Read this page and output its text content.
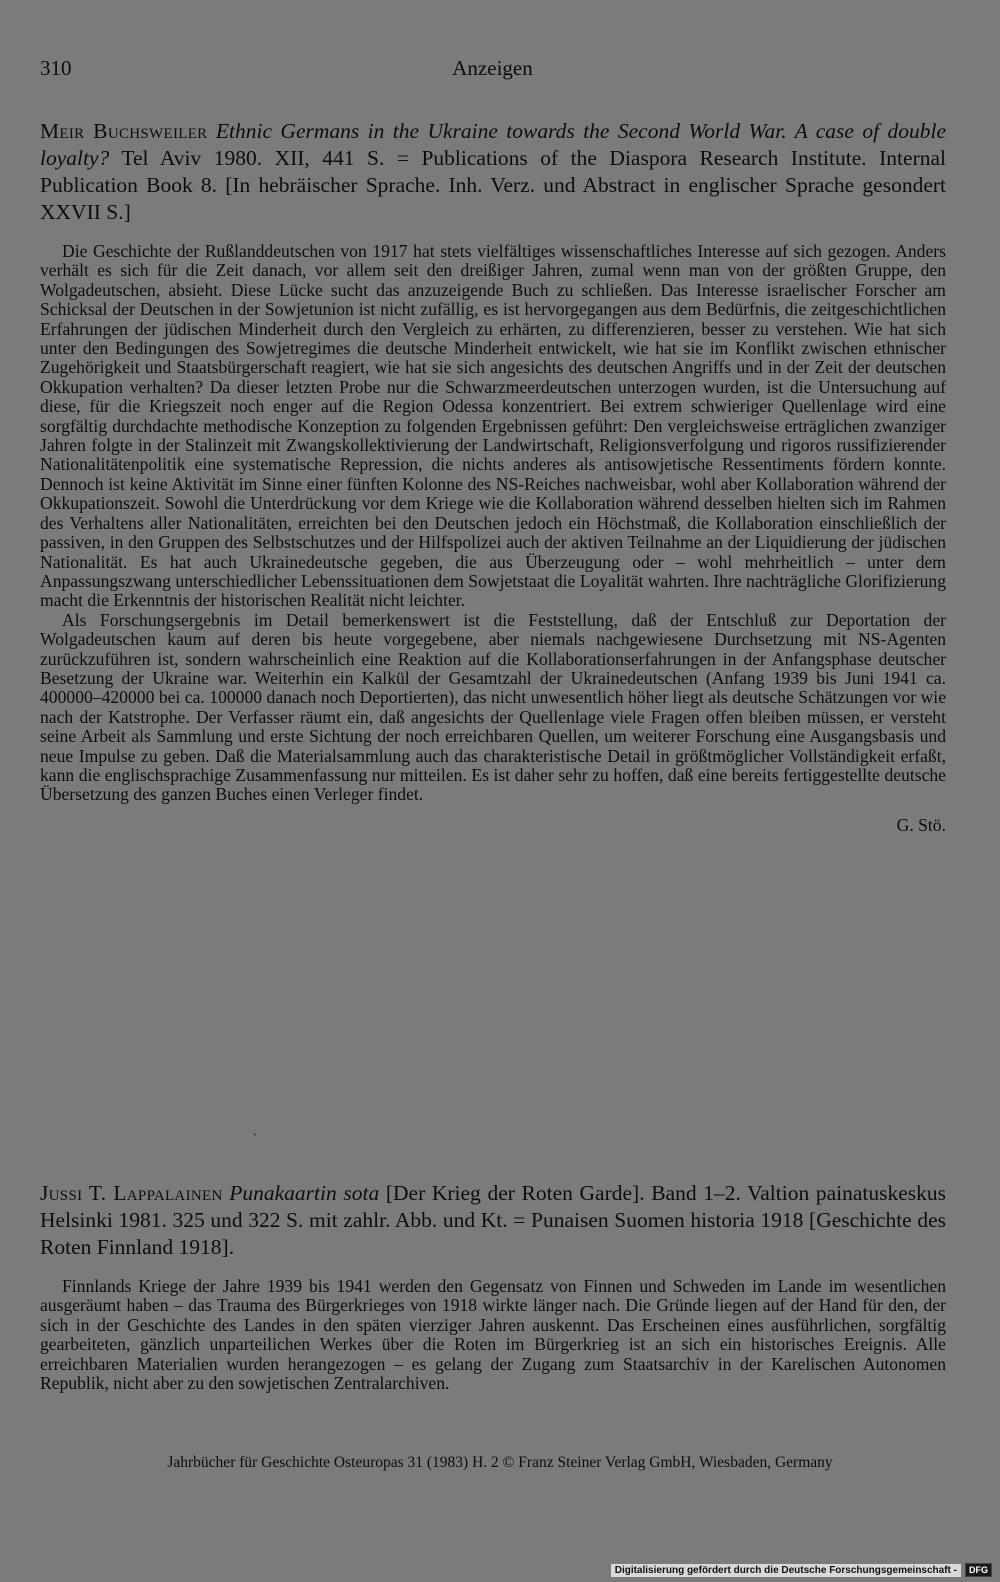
310	Anzeigen

Meir Buchsweiler Ethnic Germans in the Ukraine towards the Second World War. A case of double loyalty? Tel Aviv 1980. XII, 441 S. = Publications of the Diaspora Research Institute. Internal Publication Book 8. [In hebräischer Sprache. Inh. Verz. und Abstract in englischer Sprache gesondert XXVII S.]

Die Geschichte der Rußlanddeutschen von 1917 hat stets vielfältiges wissenschaftliches Interesse auf sich gezogen. Anders verhält es sich für die Zeit danach, vor allem seit den dreißiger Jahren, zumal wenn man von der größten Gruppe, den Wolgadeutschen, absieht. Diese Lücke sucht das anzuzeigende Buch zu schließen. Das Interesse israelischer Forscher am Schicksal der Deutschen in der Sowjetunion ist nicht zufällig, es ist hervorgegangen aus dem Bedürfnis, die zeitgeschichtlichen Erfahrungen der jüdischen Minderheit durch den Vergleich zu erhärten, zu differenzieren, besser zu verstehen. Wie hat sich unter den Bedingungen des Sowjetregimes die deutsche Minderheit entwickelt, wie hat sie im Konflikt zwischen ethnischer Zugehörigkeit und Staatsbürgerschaft reagiert, wie hat sie sich angesichts des deutschen Angriffs und in der Zeit der deutschen Okkupation verhalten? Da dieser letzten Probe nur die Schwarzmeerdeutschen unterzogen wurden, ist die Untersuchung auf diese, für die Kriegszeit noch enger auf die Region Odessa konzentriert. Bei extrem schwieriger Quellenlage wird eine sorgfältig durchdachte methodische Konzeption zu folgenden Ergebnissen geführt: Den vergleichsweise erträglichen zwanziger Jahren folgte in der Stalinzeit mit Zwangskollektivierung der Landwirtschaft, Religionsverfolgung und rigoros russifizierender Nationalitätenpolitik eine systematische Repression, die nichts anderes als antisowjetische Ressentiments fördern konnte. Dennoch ist keine Aktivität im Sinne einer fünften Kolonne des NS-Reiches nachweisbar, wohl aber Kollaboration während der Okkupationszeit. Sowohl die Unterdrückung vor dem Kriege wie die Kollaboration während desselben hielten sich im Rahmen des Verhaltens aller Nationalitäten, erreichten bei den Deutschen jedoch ein Höchstmaß, die Kollaboration einschließlich der passiven, in den Gruppen des Selbstschutzes und der Hilfspolizei auch der aktiven Teilnahme an der Liquidierung der jüdischen Nationalität. Es hat auch Ukrainedeutsche gegeben, die aus Überzeugung oder – wohl mehrheitlich – unter dem Anpassungszwang unterschiedlicher Lebenssituationen dem Sowjetstaat die Loyalität wahrten. Ihre nachträgliche Glorifizierung macht die Erkenntnis der historischen Realität nicht leichter.

Als Forschungsergebnis im Detail bemerkenswert ist die Feststellung, daß der Entschluß zur Deportation der Wolgadeutschen kaum auf deren bis heute vorgegebene, aber niemals nachgewiesene Durchsetzung mit NS-Agenten zurückzuführen ist, sondern wahrscheinlich eine Reaktion auf die Kollaborationserfahrungen in der Anfangsphase deutscher Besetzung der Ukraine war. Weiterhin ein Kalkül der Gesamtzahl der Ukrainedeutschen (Anfang 1939 bis Juni 1941 ca. 400000–420000 bei ca. 100000 danach noch Deportierten), das nicht unwesentlich höher liegt als deutsche Schätzungen vor wie nach der Katstrophe. Der Verfasser räumt ein, daß angesichts der Quellenlage viele Fragen offen bleiben müssen, er versteht seine Arbeit als Sammlung und erste Sichtung der noch erreichbaren Quellen, um weiterer Forschung eine Ausgangsbasis und neue Impulse zu geben. Daß die Materialsammlung auch das charakteristische Detail in größtmöglicher Vollständigkeit erfaßt, kann die englischsprachige Zusammenfassung nur mitteilen. Es ist daher sehr zu hoffen, daß eine bereits fertiggestellte deutsche Übersetzung des ganzen Buches einen Verleger findet.

G. Stö.
ˎ

Jussi T. Lappalainen Punakaartin sota [Der Krieg der Roten Garde]. Band 1–2. Valtion painatuskeskus Helsinki 1981. 325 und 322 S. mit zahlr. Abb. und Kt. = Punaisen Suomen historia 1918 [Geschichte des Roten Finnland 1918].

Finnlands Kriege der Jahre 1939 bis 1941 werden den Gegensatz von Finnen und Schweden im Lande im wesentlichen ausgeräumt haben – das Trauma des Bürgerkrieges von 1918 wirkte länger nach. Die Gründe liegen auf der Hand für den, der sich in der Geschichte des Landes in den späten vierziger Jahren auskennt. Das Erscheinen eines ausführlichen, sorgfältig gearbeiteten, gänzlich unparteilichen Werkes über die Roten im Bürgerkrieg ist an sich ein historisches Ereignis. Alle erreichbaren Materialien wurden herangezogen – es gelang der Zugang zum Staatsarchiv in der Karelischen Autonomen Republik, nicht aber zu den sowjetischen Zentralarchiven.

Jahrbücher für Geschichte Osteuropas 31 (1983) H. 2 © Franz Steiner Verlag GmbH, Wiesbaden, Germany
Digitalisierung gefördert durch die Deutsche Forschungsgemeinschaft -	DFG
